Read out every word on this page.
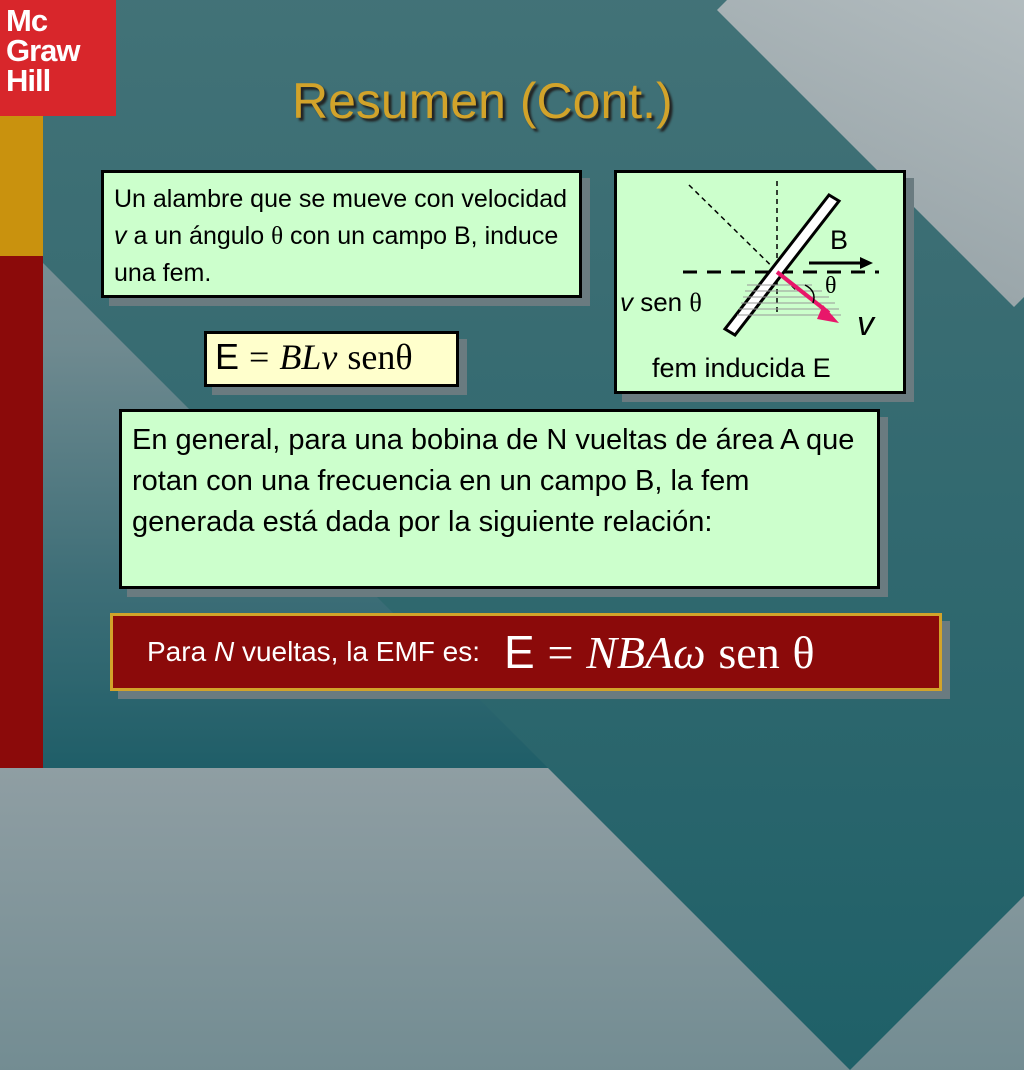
Mc
Graw
Hill	Resumen (Cont.)
Un alambre que se mueve con velocidad v a un ángulo θ con un campo B, induce una fem.
E = BLv senθ
B
θ
v sen θ
v
fem inducida E
En general, para una bobina de N vueltas de área A que rotan con una frecuencia en un campo B, la fem generada está dada por la siguiente relación:
Para N vueltas, la EMF es: E = NBAω sen θ
